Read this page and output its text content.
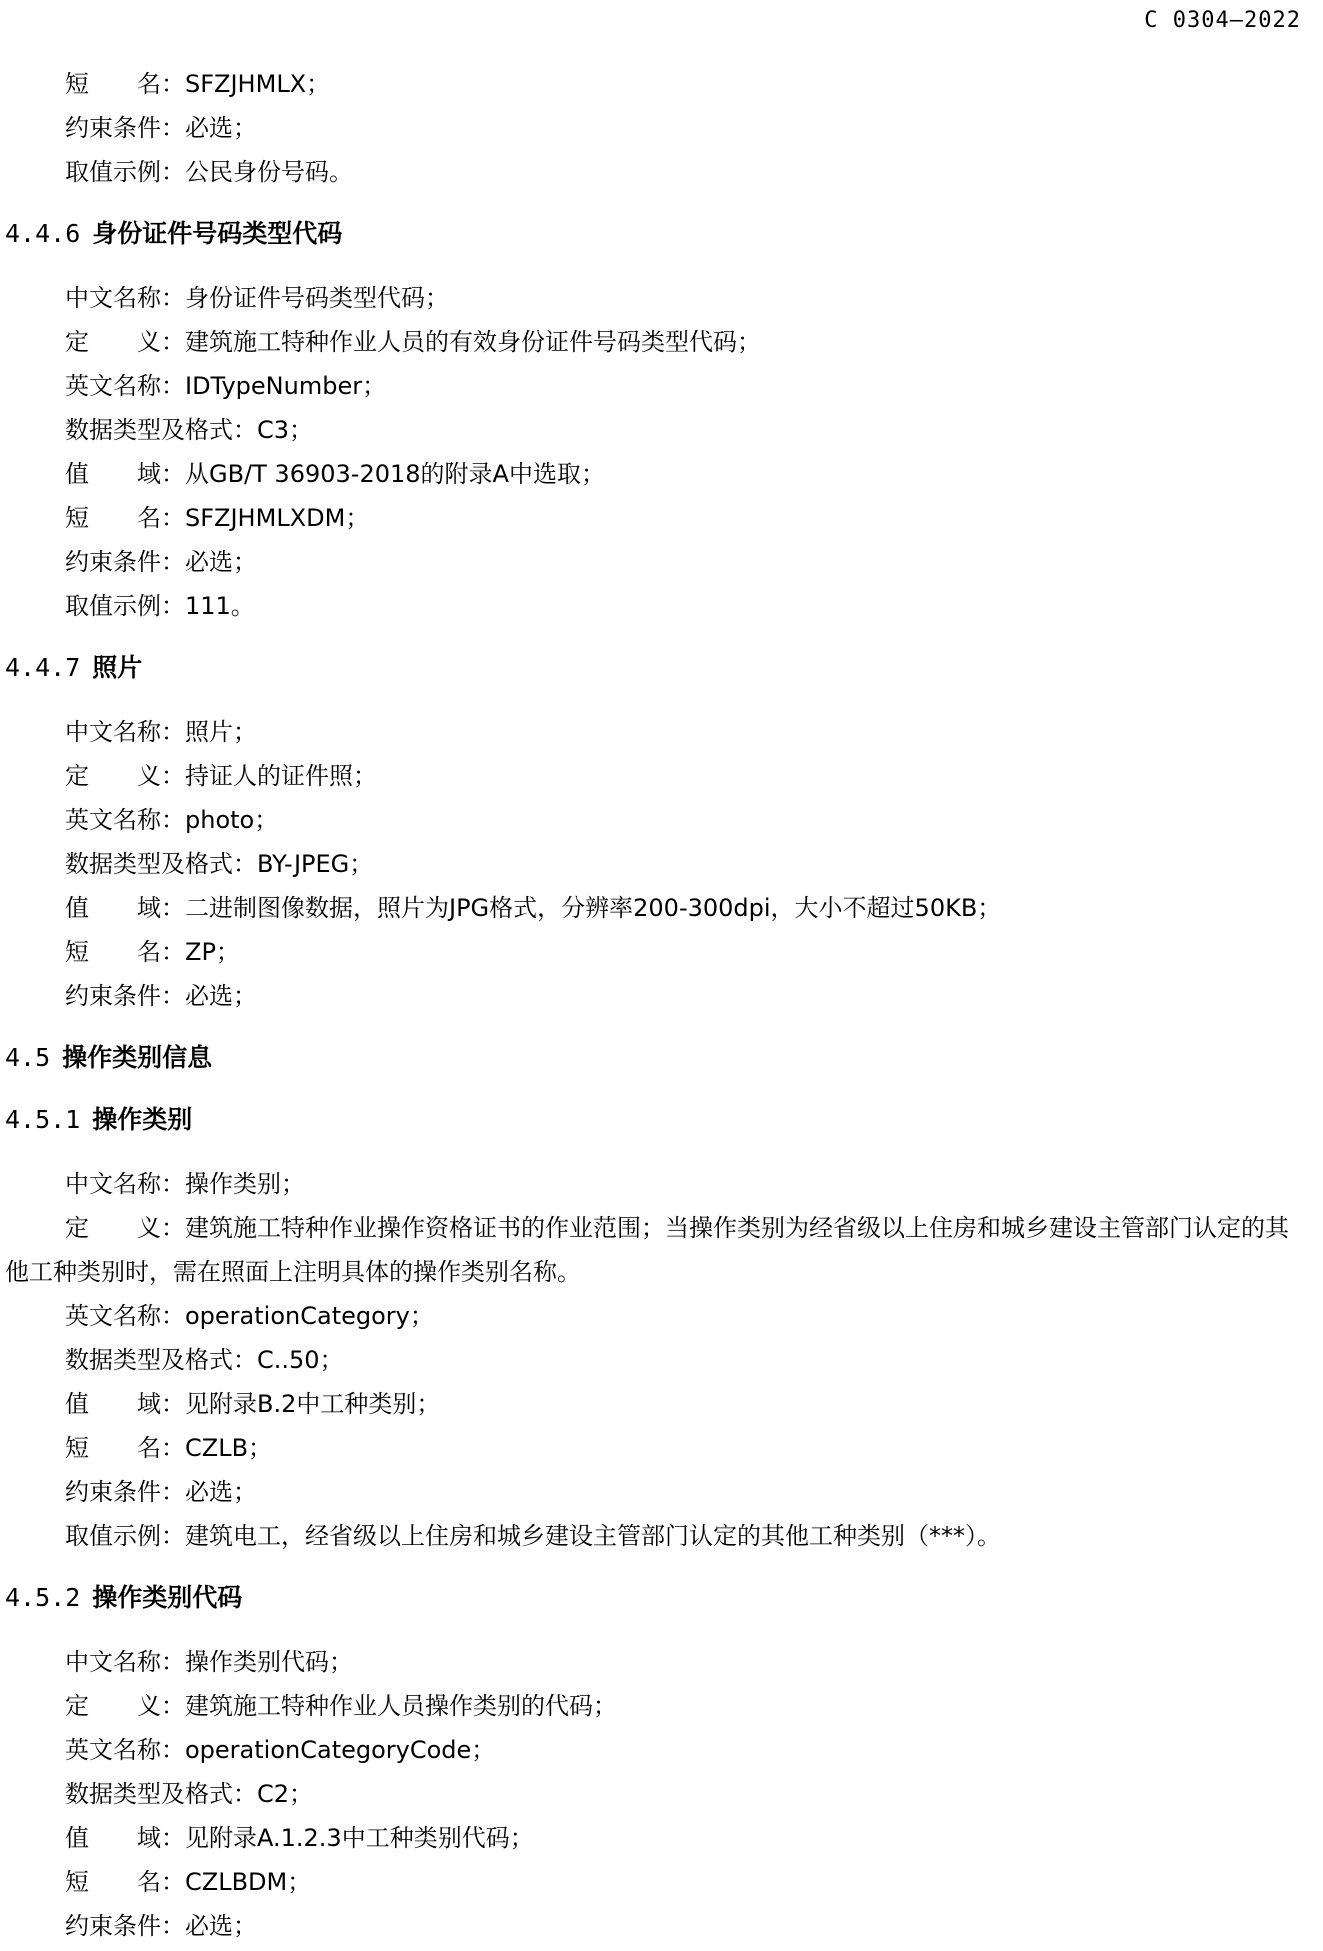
C 0304—2022
短　　名：SFZJHMLX；
约束条件：必选；
取值示例：公民身份号码。
4.4.6 身份证件号码类型代码
中文名称：身份证件号码类型代码；
定　　义：建筑施工特种作业人员的有效身份证件号码类型代码；
英文名称：IDTypeNumber；
数据类型及格式：C3；
值　　域：从GB/T 36903-2018的附录A中选取；
短　　名：SFZJHMLXDM；
约束条件：必选；
取值示例：111。
4.4.7 照片
中文名称：照片；
定　　义：持证人的证件照；
英文名称：photo；
数据类型及格式：BY-JPEG；
值　　域：二进制图像数据，照片为JPG格式，分辨率200-300dpi，大小不超过50KB；
短　　名：ZP；
约束条件：必选；
4.5 操作类别信息
4.5.1 操作类别
中文名称：操作类别；
定　　义：建筑施工特种作业操作资格证书的作业范围；当操作类别为经省级以上住房和城乡建设主管部门认定的其他工种类别时，需在照面上注明具体的操作类别名称。
英文名称：operationCategory；
数据类型及格式：C..50；
值　　域：见附录B.2中工种类别；
短　　名：CZLB；
约束条件：必选；
取值示例：建筑电工，经省级以上住房和城乡建设主管部门认定的其他工种类别（***）。
4.5.2 操作类别代码
中文名称：操作类别代码；
定　　义：建筑施工特种作业人员操作类别的代码；
英文名称：operationCategoryCode；
数据类型及格式：C2；
值　　域：见附录A.1.2.3中工种类别代码；
短　　名：CZLBDM；
约束条件：必选；
